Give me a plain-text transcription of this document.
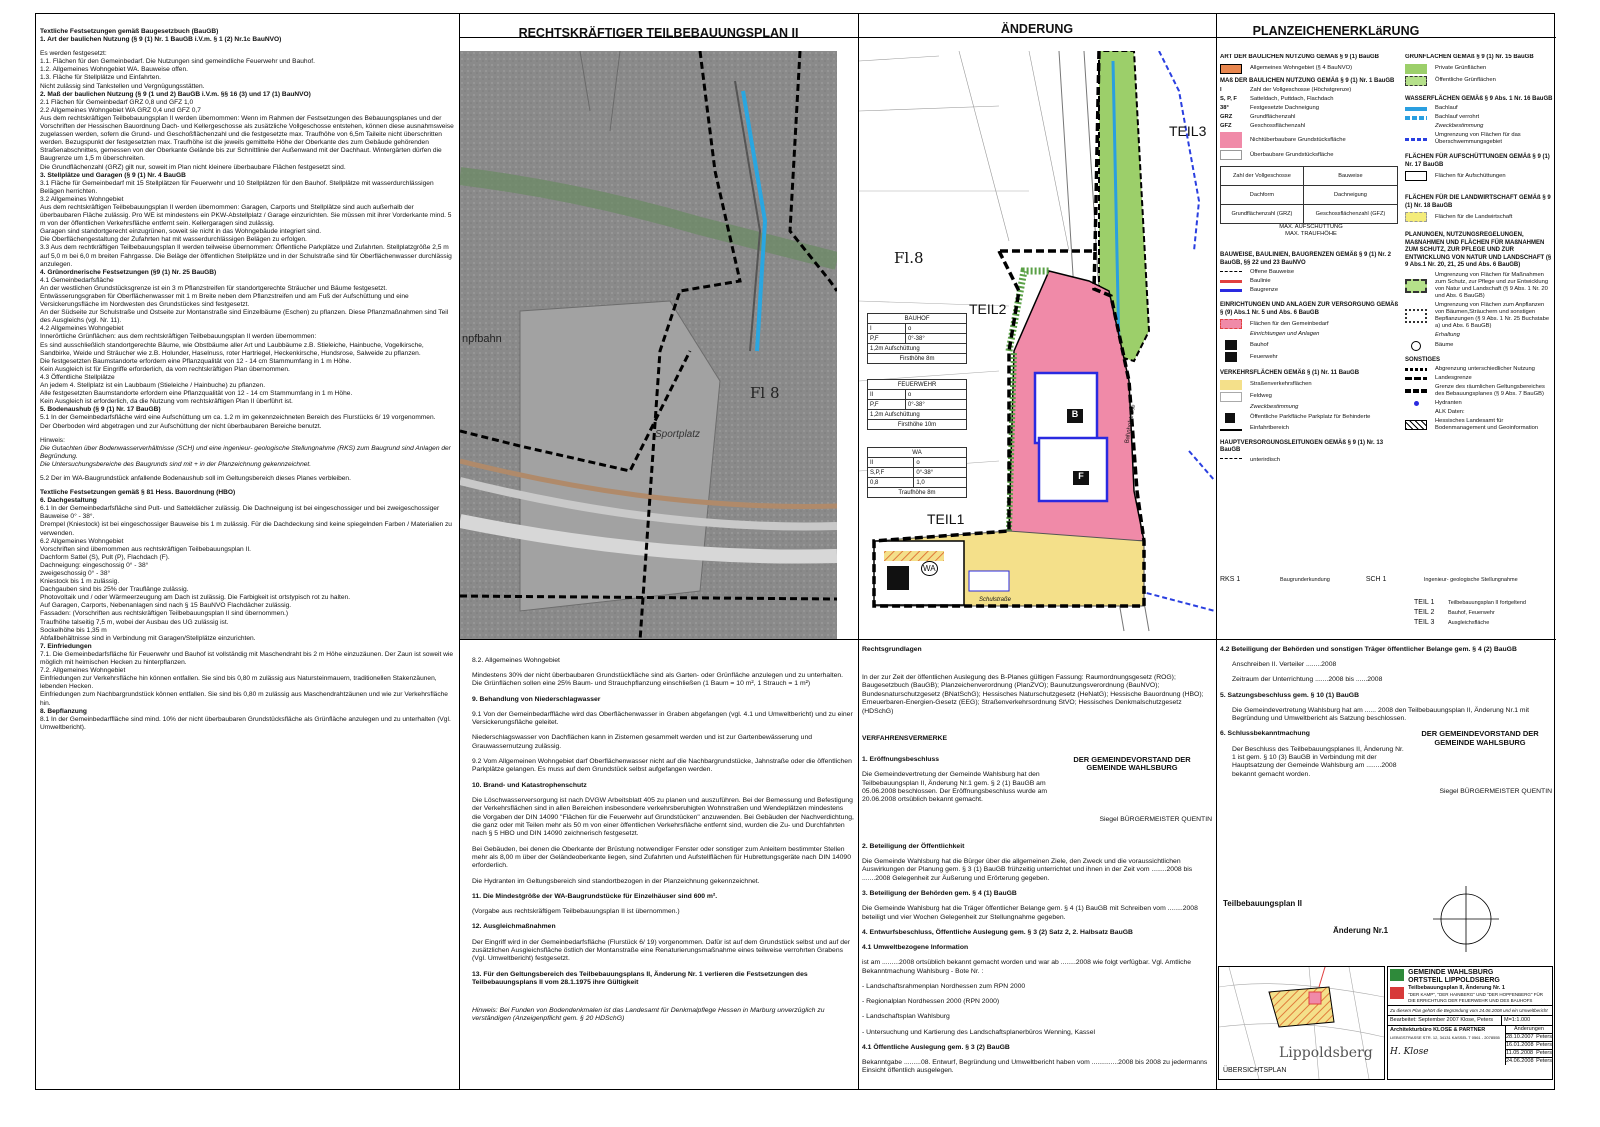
Textliche Festsetzungen gemäß Baugesetzbuch (BauGB)

1. Art der baulichen Nutzung (§ 9 (1) Nr. 1 BauGB i.V.m. § 1 (2) Nr.1c BauNVO)

Es werden festgesetzt:

1.1. Flächen für den Gemeinbedarf. Die Nutzungen sind gemeindliche Feuerwehr und Bauhof.

1.2. Allgemeines Wohngebiet WA. Bauweise offen.

1.3. Fläche für Stellplätze und Einfahrten.

Nicht zulässig sind Tankstellen und Vergnügungsstätten.

2. Maß der baulichen Nutzung (§ 9 (1 und 2) BauGB i.V.m. §§ 16 (3) und 17 (1) BauNVO)

2.1 Flächen für Gemeinbedarf GRZ 0,8 und GFZ 1,0

2.2 Allgemeines Wohngebiet WA GRZ 0,4 und GFZ 0,7

Aus dem rechtskräftigen Teilbebauungsplan II werden übernommen: Wenn im Rahmen der Festsetzungen des Bebauungsplanes und der Vorschriften der Hessischen Bauordnung Dach- und Kellergeschosse als zusätzliche Vollgeschosse entstehen, können diese ausnahmsweise zugelassen werden, sofern die Grund- und Geschoßflächenzahl und die festgesetzte max. Traufhöhe von 6,5m Taileite nicht überschritten werden. Bezugspunkt der festgesetzten max. Traufhöhe ist die jeweils gemittelte Höhe der Oberkante des zum Gebäude gehörenden Straßenabschnittes, gemessen von der Oberkante Gelände bis zur Schnittlinie der Außenwand mit der Dachhaut. Wintergärten dürfen die Baugrenze um 1,5 m überschreiten.

Die Grundflächenzahl (GRZ) gilt nur, soweit im Plan nicht kleinere überbaubare Flächen festgesetzt sind.

3. Stellplätze und Garagen (§ 9 (1) Nr. 4 BauGB

3.1 Fläche für Gemeinbedarf mit 15 Stellplätzen für Feuerwehr und 10 Stellplätzen für den Bauhof. Stellplätze mit wasserdurchlässigen Belägen herrichten.

3.2 Allgemeines Wohngebiet

Aus dem rechtskräftigen Teilbebauungsplan II werden übernommen: Garagen, Carports und Stellplätze sind auch außerhalb der überbaubaren Fläche zulässig. Pro WE ist mindestens ein PKW-Abstellplatz / Garage einzurichten. Sie müssen mit ihrer Vorderkante mind. 5 m von der öffentlichen Verkehrsfläche entfernt sein. Kellergaragen sind zulässig.

Garagen sind standortgerecht einzugrünen, soweit sie nicht in das Wohngebäude integriert sind.

Die Oberflächengestaltung der Zufahrten hat mit wasserdurchlässigen Belägen zu erfolgen.

3.3 Aus dem rechtkräftigen Teilbebauungsplan II werden teilweise übernommen: Öffentliche Parkplätze und Zufahrten. Stellplatzgröße 2,5 m auf 5,0 m bei 6,0 m breiten Fahrgasse. Die Beläge der öffentlichen Stellplätze und in der Schulstraße sind für Oberflächenwasser durchlässig anzulegen.

4. Grünordnerische Festsetzungen (§9 (1) Nr. 25 BauGB)

4.1 Gemeinbedarfsfläche

An der westlichen Grundstücksgrenze ist ein 3 m Pflanzstreifen für standortgerechte Sträucher und Bäume festgesetzt. Entwässerungsgraben für Oberflächenwasser mit 1 m Breite neben dem Pflanzstreifen und am Fuß der Aufschüttung und eine Versickerungsfläche im Nordwesten des Grundstückes sind festgesetzt.

An der Südseite zur Schulstraße und Ostseite zur Montanstraße sind Einzelbäume (Eschen) zu pflanzen. Diese Pflanzmaßnahmen sind Teil des Ausgleichs (vgl. Nr. 11).

4.2 Allgemeines Wohngebiet

Innerörtliche Grünflächen: aus dem rechtskräftigen Teilbebauungsplan II werden übernommen:

Es sind ausschließlich standortgerechte Bäume, wie Obstbäume aller Art und Laubbäume z.B. Stieleiche, Hainbuche, Vogelkirsche, Sandbirke, Weide und Sträucher wie z.B. Holunder, Haselnuss, roter Hartriegel, Heckenkirsche, Hundsrose, Salweide zu pflanzen.

Die festgesetzten Baumstandorte erfordern eine Pflanzqualität von 12 - 14 cm Stammumfang in 1 m Höhe.

Kein Ausgleich ist für Eingriffe erforderlich, da vom rechtskräftigen Plan übernommen.

4.3 Öffentliche Stellplätze

An jedem 4. Stellplatz ist ein Laubbaum (Stieleiche / Hainbuche) zu pflanzen.

Alle festgesetzten Baumstandorte erfordern eine Pflanzqualität von 12 - 14 cm Stammumfang in 1 m Höhe.

Kein Ausgleich ist erforderlich, da die Nutzung vom rechtskräftigen Plan II überführt ist.

5. Bodenaushub (§ 9 (1) Nr. 17 BauGB)

5.1 In der Gemeinbedarfsfläche wird eine Aufschüttung um ca. 1.2 m im gekennzeichneten Bereich des Flurstücks 6/ 19 vorgenommen.

Der Oberboden wird abgetragen und zur Aufschüttung der nicht überbaubaren Bereiche benutzt.

Hinweis:

Die Gutachten über Bodenwasserverhältnisse (SCH) und eine ingenieur- geologische Stellungnahme (RKS) zum Baugrund sind Anlagen der Begründung.

Die Untersuchungsbereiche des Baugrunds sind mit + in der Planzeichnung gekennzeichnet.

5.2 Der im WA-Baugrundstück anfallende Bodenaushub soll im Geltungsbereich dieses Planes verbleiben.

Textliche Festsetzungen gemäß § 81 Hess. Bauordnung (HBO)

6. Dachgestaltung

6.1 In der Gemeinbedarfsfläche sind Pult- und Satteldächer zulässig. Die Dachneigung ist bei eingeschossiger und bei zweigeschossiger Bauweise 0° - 38°.

Drempel (Kniestock) ist bei eingeschossiger Bauweise bis 1 m zulässig. Für die Dachdeckung sind keine spiegelnden Farben / Materialien zu verwenden.

6.2 Allgemeines Wohngebiet

Vorschriften sind übernommen aus rechtskräftigen Teilbebauungsplan II.

Dachform Sattel (S), Pult (P), Flachdach (F).

Dachneigung: eingeschossig 0° - 38°

zweigeschossig 0° - 38°

Kniestock bis 1 m zulässig.

Dachgauben sind bis 25% der Trauflänge zulässig.

Photovoltaik und / oder Wärmeerzeugung am Dach ist zulässig. Die Farbigkeit ist ortstypisch rot zu halten.

Auf Garagen, Carports, Nebenanlagen sind nach § 15 BauNVO Flachdächer zulässig.

Fassaden: (Vorschriften aus rechtskräftigen Teilbebauungsplan II sind übernommen.)

Traufhöhe talseitig 7,5 m, wobei der Ausbau des UG zulässig ist.

Sockelhöhe bis 1,35 m

Abfallbehältnisse sind in Verbindung mit Garagen/Stellplätze einzurichten.

7. Einfriedungen

7.1. Die Gemeinbedarfsfläche für Feuerwehr und Bauhof ist vollständig mit Maschendraht bis 2 m Höhe einzuzäunen. Der Zaun ist soweit wie möglich mit heimischen Hecken zu hinterpflanzen.

7.2. Allgemeines Wohngebiet

Einfriedungen zur Verkehrsfläche hin können entfallen. Sie sind bis 0,80 m zulässig aus Natursteinmauern, traditionellen Stakenzäunen, lebenden Hecken.

Einfriedungen zum Nachbargrundstück können entfallen. Sie sind bis 0,80 m zulässig aus Maschendrahtzäunen und wie zur Verkehrsfläche hin.

8. Bepflanzung

8.1 In der Gemeinbedarffläche sind mind. 10% der nicht überbaubaren Grundstücksfläche als Grünfläche anzulegen und zu unterhalten (Vgl. Umweltbericht).

RECHTSKRÄFTIGER TEILBEBAUUNGSPLAN II	ÄNDERUNG	PLANZEICHENERKLäRUNG
Fl 8
Sportplatz
npfbahn
Fl.8
TEIL3
TEIL2
TEIL1
WA
B
F
Schulstraße
Bahnhofstraße
BAUHOF	
I	o
P,F	0°-38°
1,2m Aufschüttung	
Firsthöhe 8m	
FEUERWEHR	
II	o
P,F	0°-38°
1,2m Aufschüttung	
Firsthöhe 10m	
WA	
II	o
S,P,F	0°-38°
0,8	1,0
Traufhöhe 8m	
ART DER BAULICHEN NUTZUNG GEMÄß § 9 (1) BauGB
Allgemeines Wohngebiet (§ 4 BauNVO)
MAß DER BAULICHEN NUTZUNG GEMÄß § 9 (1) Nr. 1 BauGB
I	Zahl der Vollgeschosse (Höchstgrenze)
S, P, F	Satteldach, Puttdach, Flachdach
38°	Festgesetzte Dachneigung
GRZ	Grundflächenzahl
GFZ	Geschossflächenzahl
Nichtüberbaubare Grundstücksfläche
Überbaubare Grundstücksfläche
Zahl der Vollgeschosse	Bauweise
Dachform	Dachneigung
Grundflächenzahl (GRZ)	Geschossflächenzahl (GFZ)
MAX. AUFSCHÜTTUNG
MAX. TRAUFHÖHE
BAUWEISE, BAULINIEN, BAUGRENZEN GEMÄß § 9 (1) Nr. 2 BauGB, §§ 22 und 23 BauNVO
Offene Bauweise
Baulinie
Baugrenze
EINRICHTUNGEN UND ANLAGEN ZUR VERSORGUNG GEMÄß § (9) Abs.1 Nr. 5 und Abs. 6 BauGB
Flächen für den Gemeinbedarf
Einrichtungen und Anlagen
Bauhof
Feuerwehr
VERKEHRSFLÄCHEN GEMÄß § (1) Nr. 11 BauGB
Straßenverkehrsflächen
Feldweg
Zweckbestimmung
Öffentliche Parkfläche Parkplatz für Behinderte
Einfahrtbereich
HAUPTVERSORGUNGSLEITUNGEN GEMÄß § 9 (1) Nr. 13 BauGB
unterirdisch
GRÜNFLÄCHEN GEMÄß § 9 (1) Nr. 15 BauGB
Private Grünflächen
Öffentliche Grünflächen
WASSERFLÄCHEN GEMÄß § 9 Abs. 1 Nr. 16 BauGB
Bachlauf
Bachlauf verrohrt
Zweckbestimmung
Umgrenzung von Flächen für das Überschwemmungsgebiet
FLÄCHEN FÜR AUFSCHÜTTUNGEN GEMÄß § 9 (1) Nr. 17 BauGB
Flächen für Aufschüttungen
FLÄCHEN FÜR DIE LANDWIRTSCHAFT GEMÄß § 9 (1) Nr. 18 BauGB
Flächen für die Landwirtschaft
PLANUNGEN, NUTZUNGSREGELUNGEN, MAßNAHMEN UND FLÄCHEN FÜR MAßNAHMEN ZUM SCHUTZ, ZUR PFLEGE UND ZUR ENTWICKLUNG VON NATUR UND LANDSCHAFT (§ 9 Abs.1 Nr. 20, 21, 25 und Abs. 6 BauGB)
Umgrenzung von Flächen für Maßnahmen zum Schutz, zur Pflege und zur Entwicklung von Natur und Landschaft (§ 9 Abs. 1 Nr. 20 und Abs. 6 BauGB)
Umgrenzung von Flächen zum Anpflanzen von Bäumen,Sträuchern und sonstigen Bepflanzungen (§ 9 Abs. 1 Nr. 25 Buchstabe a) und Abs. 6 BauGB)
Erhaltung
Bäume
SONSTIGES
Abgrenzung unterschiedlicher Nutzung
Landesgrenze
Grenze des räumlichen Geltungsbereiches des Bebauungsplanes (§ 9 Abs. 7 BauGB)
Hydranten
ALK Daten:
Hessisches Landesamt für Bodenmanagement und Geoinformation
RKS 1	Baugrunderkundung	SCH 1	Ingenieur- geologische Stellungnahme
TEIL 1 Teilbebauungsplan II fortgeltend
TEIL 2 Bauhof, Feuerwehr
TEIL 3 Ausgleichsfläche

8.2. Allgemeines Wohngebiet

Mindestens 30% der nicht überbaubaren Grundstückfläche sind als Garten- oder Grünfläche anzulegen und zu unterhalten. Die Grünflächen sollen eine 25% Baum- und Strauchpflanzung einschließen (1 Baum = 10 m², 1 Strauch = 1 m²)

9. Behandlung von Niederschlagwasser

9.1 Von der Gemeinbedarffläche wird das Oberflächenwasser in Graben abgefangen (vgl. 4.1 und Umweltbericht) und zu einer Versickerungsfläche geleitet.

Niederschlagswasser von Dachflächen kann in Zisternen gesammelt werden und ist zur Gartenbewässerung und Grauwassernutzung zulässig.

9.2 Vom Allgemeinen Wohngebiet darf Oberflächenwasser nicht auf die Nachbargrundstücke, Jahnstraße oder die öffentlichen Parkplätze gelangen. Es muss auf dem Grundstück selbst aufgefangen werden.

10. Brand- und Katastrophenschutz

Die Löschwasserversorgung ist nach DVGW Arbeitsblatt 405 zu planen und auszuführen. Bei der Bemessung und Befestigung der Verkehrsflächen sind in allen Bereichen insbesondere verkehrsberuhigten Wohnstraßen und Wendeplätzen mindestens die Vorgaben der DIN 14090 "Flächen für die Feuerwehr auf Grundstücken" anzuwenden. Bei Gebäuden der Nachverdichtung, die ganz oder mit Teilen mehr als 50 m von einer öffentlichen Verkehrsfläche entfernt sind, wurden die Zu- und Durchfahrten nach § 5 HBO und DIN 14090 zeichnerisch festgesetzt.

Bei Gebäuden, bei denen die Oberkante der Brüstung notwendiger Fenster oder sonstiger zum Anleitern bestimmter Stellen mehr als 8,00 m über der Geländeoberkante liegen, sind Zufahrten und Aufstellflächen für Hubrettungsgeräte nach DIN 14090 erforderlich.

Die Hydranten im Geltungsbereich sind standortbezogen in der Planzeichnung gekennzeichnet.

11. Die Mindestgröße der WA-Baugrundstücke für Einzelhäuser sind 600 m².

(Vorgabe aus rechtskräftigem Teilbebauungsplan II ist übernommen.)

12. Ausgleichmaßnahmen

Der Eingriff wird in der Gemeinbedarfsfläche (Flurstück 6/ 19) vorgenommen. Dafür ist auf dem Grundstück selbst und auf der zusätzlichen Ausgleichsfläche östlich der Montanstraße eine Renaturierungsmaßnahme eines teilweise verrohrten Grabens (Vgl. Umweltbericht) festgesetzt.

13. Für den Geltungsbereich des Teilbebauungsplans II, Änderung Nr. 1 verlieren die Festsetzungen des Teilbebauungsplans II vom 28.1.1975 ihre Gültigkeit

Hinweis: Bei Funden von Bodendenkmalen ist das Landesamt für Denkmalpflege Hessen in Marburg unverzüglich zu verständigen (Anzeigenpflicht gem. § 20 HDSchG)

Rechtsgrundlagen

In der zur Zeit der öffentlichen Auslegung des B-Planes gültigen Fassung: Raumordnungsgesetz (ROG); Baugesetzbuch (BauGB); Planzeichenverordnung (PlanZVO); Baunutzungsverordnung (BauNVO); Bundesnaturschutzgesetz (BNatSchG); Hessisches Naturschutzgesetz (HeNatG); Hessische Bauordnung (HBO); Erneuerbaren-Energien-Gesetz (EEG); Straßenverkehrsordnung StVO; Hessisches Denkmalschutzgesetz (HDSchG)

VERFAHRENSVERMERKE

1. Eröffnungsbeschluss

Die Gemeindevertretung der Gemeinde Wahlsburg hat den Teilbebauungsplan II, Änderung Nr.1 gem. § 2 (1) BauGB am 05.06.2008 beschlossen. Der Eröffnungsbeschluss wurde am 20.06.2008 ortsüblich bekannt gemacht.

DER GEMEINDEVORSTAND DER GEMEINDE WAHLSBURG

Siegel BÜRGERMEISTER QUENTIN

2. Beteiligung der Öffentlichkeit

Die Gemeinde Wahlsburg hat die Bürger über die allgemeinen Ziele, den Zweck und die voraussichtlichen Auswirkungen der Planung gem. § 3 (1) BauGB frühzeitig unterrichtet und ihnen in der Zeit vom ........2008 bis .......2008 Gelegenheit zur Äußerung und Erörterung gegeben.

3. Beteiligung der Behörden gem. § 4 (1) BauGB

Die Gemeinde Wahlsburg hat die Träger öffentlicher Belange gem. § 4 (1) BauGB mit Schreiben vom ........2008 beteiligt und vier Wochen Gelegenheit zur Stellungnahme gegeben.

4. Entwurfsbeschluss, Öffentliche Auslegung gem. § 3 (2) Satz 2, 2. Halbsatz BauGB

4.1 Umweltbezogene Information

ist am .........2008 ortsüblich bekannt gemacht worden und war ab ........2008 wie folgt verfügbar. Vgl. Amtliche Bekanntmachung Wahlsburg - Bote Nr. :

- Landschaftsrahmenplan Nordhessen zum RPN 2000

- Regionalplan Nordhessen 2000 (RPN 2000)

- Landschaftsplan Wahlsburg

- Untersuchung und Kartierung des Landschaftsplanerbüros Wenning, Kassel

4.1 Öffentliche Auslegung gem. § 3 (2) BauGB

Bekanntgabe .........08. Entwurf, Begründung und Umweltbericht haben vom ..............2008 bis 2008 zu jedermanns Einsicht öffentlich ausgelegen.

4.2 Beteiligung der Behörden und sonstigen Träger öffentlicher Belange gem. § 4 (2) BauGB

Anschreiben II. Verteiler ........2008

Zeitraum der Unterrichtung .......2008 bis ......2008

5. Satzungsbeschluss gem. § 10 (1) BauGB

Die Gemeindevertretung Wahlsburg hat am ...... 2008 den Teilbebauungsplan II, Änderung Nr.1 mit Begründung und Umweltbericht als Satzung beschlossen.

6. Schlussbekanntmachung

Der Beschluss des Teilbebauungsplanes II, Änderung Nr. 1 ist gem. § 10 (3) BauGB in Verbindung mit der Hauptsatzung der Gemeinde Wahlsburg am ........2008 bekannt gemacht worden.

DER GEMEINDEVORSTAND DER GEMEINDE WAHLSBURG

Siegel BÜRGERMEISTER QUENTIN

Teilbebauungsplan II
Änderung Nr.1
Lippoldsberg
ÜBERSICHTSPLAN
GEMEINDE WAHLSBURG
ORTSTEIL LIPPOLDSBERG
Teilbebauungsplan II, Änderung Nr. 1
"DER KAMP", "DER HAINBERG" UND "DER HOPFENBERG" FÜR DIE ERRICHTUNG DER FEUERWEHR UND DES BAUHOFS
Zu diesem Plan gehört die Begründung vom 24.06.2008 und ein Umweltbericht
Bearbeitet: September 2007 Klose, Peters	M=1:1.000
Architekturbüro KLOSE & PARTNER
LIEBIGSTRASSE STR. 12, 34131 KASSEL T 0561 - 2078555
H. Klose
Änderungen
28.10.2007 Peters
16.01.2008 Peters
11.05.2008 Peters
24.06.2008 Peters
